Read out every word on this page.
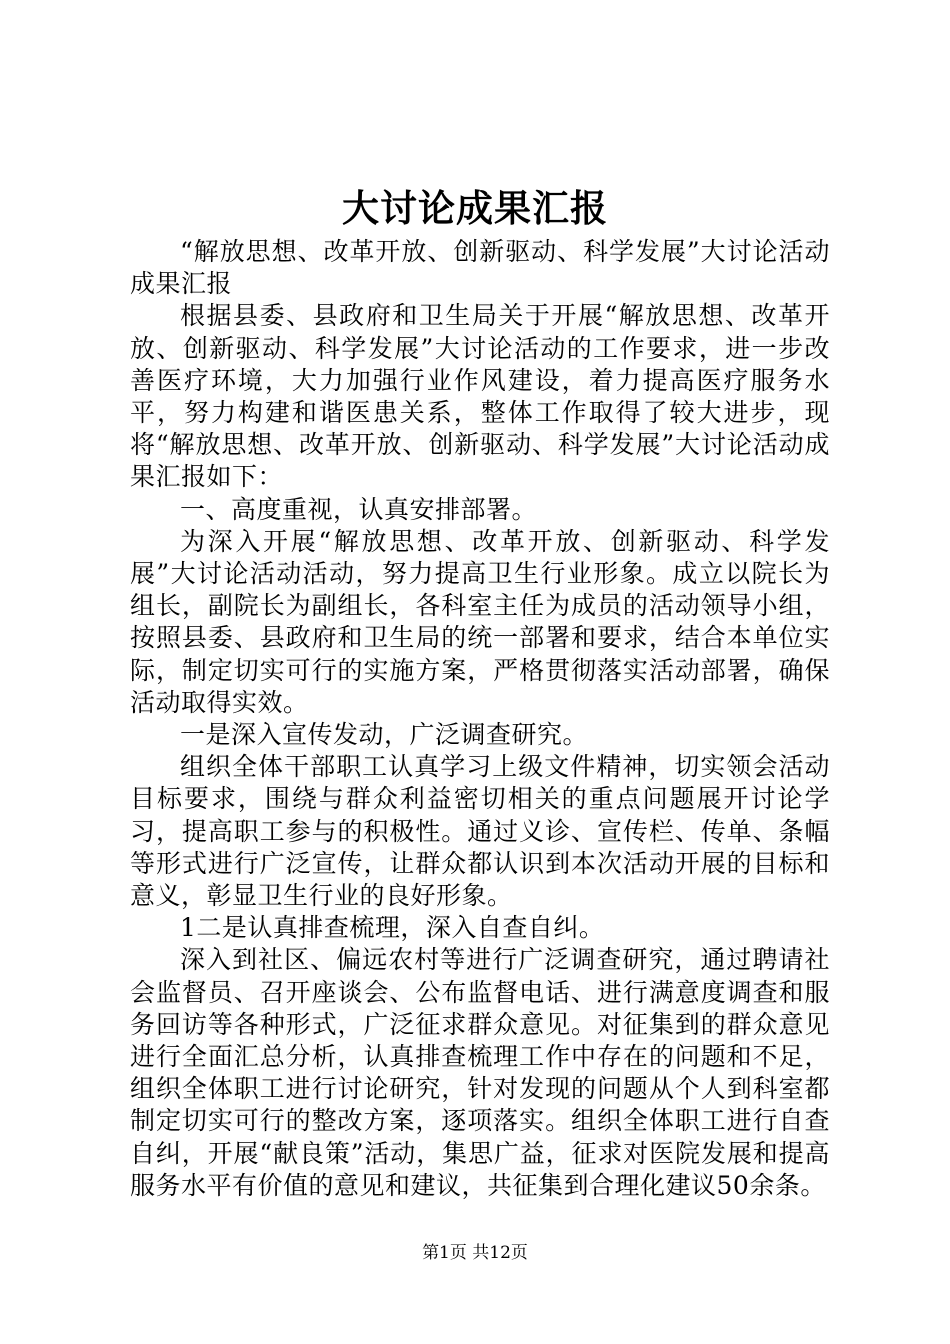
大讨论成果汇报

“解放思想、改革开放、创新驱动、科学发展”大讨论活动成果汇报

根据县委、县政府和卫生局关于开展“解放思想、改革开放、创新驱动、科学发展”大讨论活动的工作要求，进一步改善医疗环境，大力加强行业作风建设，着力提高医疗服务水平，努力构建和谐医患关系，整体工作取得了较大进步，现将“解放思想、改革开放、创新驱动、科学发展”大讨论活动成果汇报如下：

一、高度重视，认真安排部署。

为深入开展“解放思想、改革开放、创新驱动、科学发展”大讨论活动活动，努力提高卫生行业形象。成立以院长为组长，副院长为副组长，各科室主任为成员的活动领导小组，按照县委、县政府和卫生局的统一部署和要求，结合本单位实际，制定切实可行的实施方案，严格贯彻落实活动部署，确保活动取得实效。

一是深入宣传发动，广泛调查研究。

组织全体干部职工认真学习上级文件精神，切实领会活动目标要求，围绕与群众利益密切相关的重点问题展开讨论学习，提高职工参与的积极性。通过义诊、宣传栏、传单、条幅等形式进行广泛宣传，让群众都认识到本次活动开展的目标和意义，彰显卫生行业的良好形象。

1二是认真排查梳理，深入自查自纠。

深入到社区、偏远农村等进行广泛调查研究，通过聘请社会监督员、召开座谈会、公布监督电话、进行满意度调查和服务回访等各种形式，广泛征求群众意见。对征集到的群众意见进行全面汇总分析，认真排查梳理工作中存在的问题和不足，组织全体职工进行讨论研究，针对发现的问题从个人到科室都制定切实可行的整改方案，逐项落实。组织全体职工进行自查自纠，开展“献良策”活动，集思广益，征求对医院发展和提高服务水平有价值的意见和建议，共征集到合理化建议50余条。

第1页 共12页
